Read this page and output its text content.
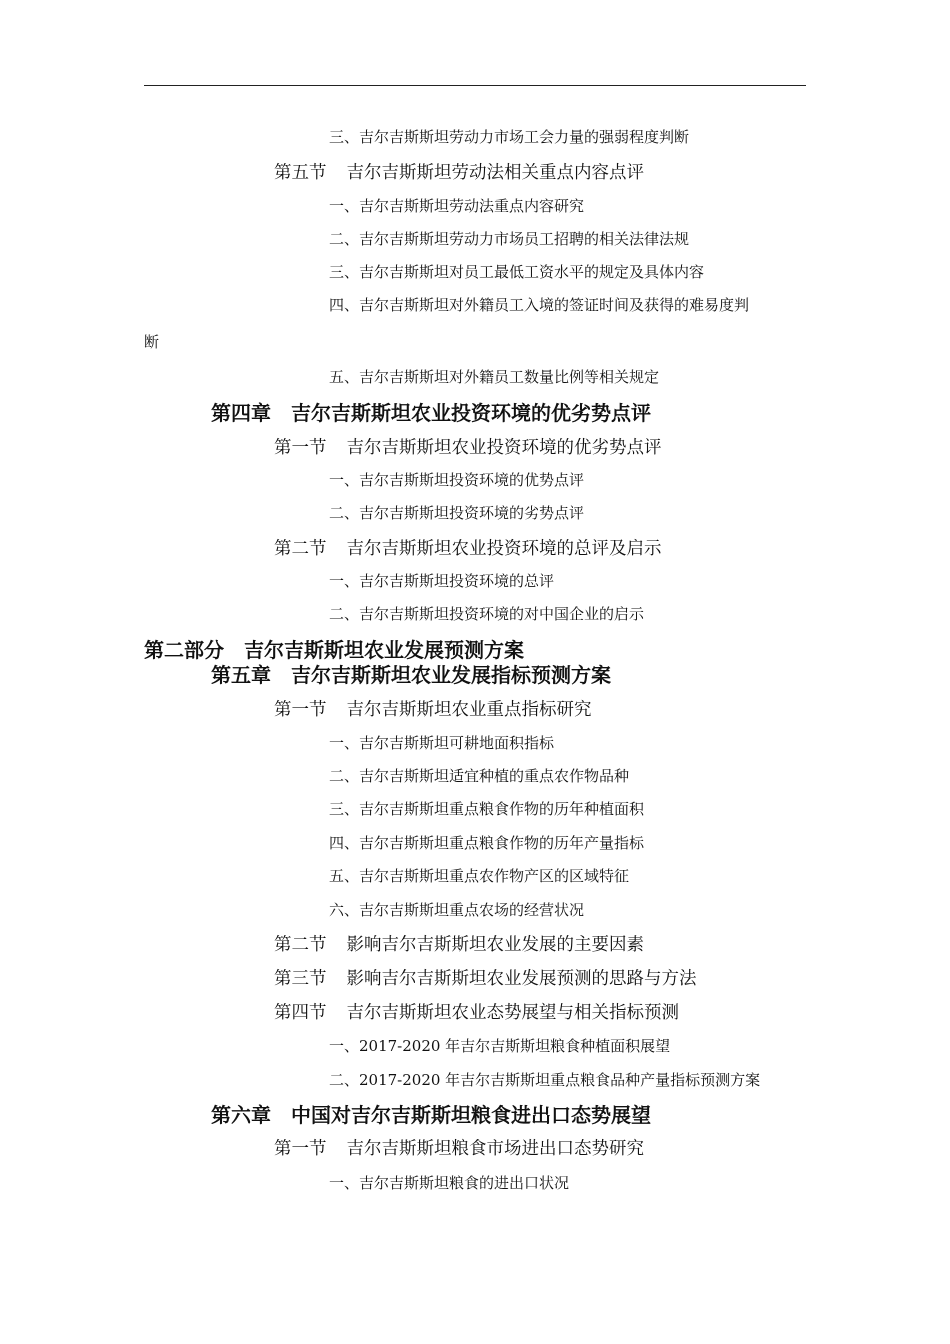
三、吉尔吉斯斯坦劳动力市场工会力量的强弱程度判断
第五节 吉尔吉斯斯坦劳动法相关重点内容点评
一、吉尔吉斯斯坦劳动法重点内容研究
二、吉尔吉斯斯坦劳动力市场员工招聘的相关法律法规
三、吉尔吉斯斯坦对员工最低工资水平的规定及具体内容
四、吉尔吉斯斯坦对外籍员工入境的签证时间及获得的难易度判
断
五、吉尔吉斯斯坦对外籍员工数量比例等相关规定
第四章 吉尔吉斯斯坦农业投资环境的优劣势点评
第一节 吉尔吉斯斯坦农业投资环境的优劣势点评
一、吉尔吉斯斯坦投资环境的优势点评
二、吉尔吉斯斯坦投资环境的劣势点评
第二节 吉尔吉斯斯坦农业投资环境的总评及启示
一、吉尔吉斯斯坦投资环境的总评
二、吉尔吉斯斯坦投资环境的对中国企业的启示
第二部分 吉尔吉斯斯坦农业发展预测方案
第五章 吉尔吉斯斯坦农业发展指标预测方案
第一节 吉尔吉斯斯坦农业重点指标研究
一、吉尔吉斯斯坦可耕地面积指标
二、吉尔吉斯斯坦适宜种植的重点农作物品种
三、吉尔吉斯斯坦重点粮食作物的历年种植面积
四、吉尔吉斯斯坦重点粮食作物的历年产量指标
五、吉尔吉斯斯坦重点农作物产区的区域特征
六、吉尔吉斯斯坦重点农场的经营状况
第二节 影响吉尔吉斯斯坦农业发展的主要因素
第三节 影响吉尔吉斯斯坦农业发展预测的思路与方法
第四节 吉尔吉斯斯坦农业态势展望与相关指标预测
一、2017-2020 年吉尔吉斯斯坦粮食种植面积展望
二、2017-2020 年吉尔吉斯斯坦重点粮食品种产量指标预测方案
第六章 中国对吉尔吉斯斯坦粮食进出口态势展望
第一节 吉尔吉斯斯坦粮食市场进出口态势研究
一、吉尔吉斯斯坦粮食的进出口状况
